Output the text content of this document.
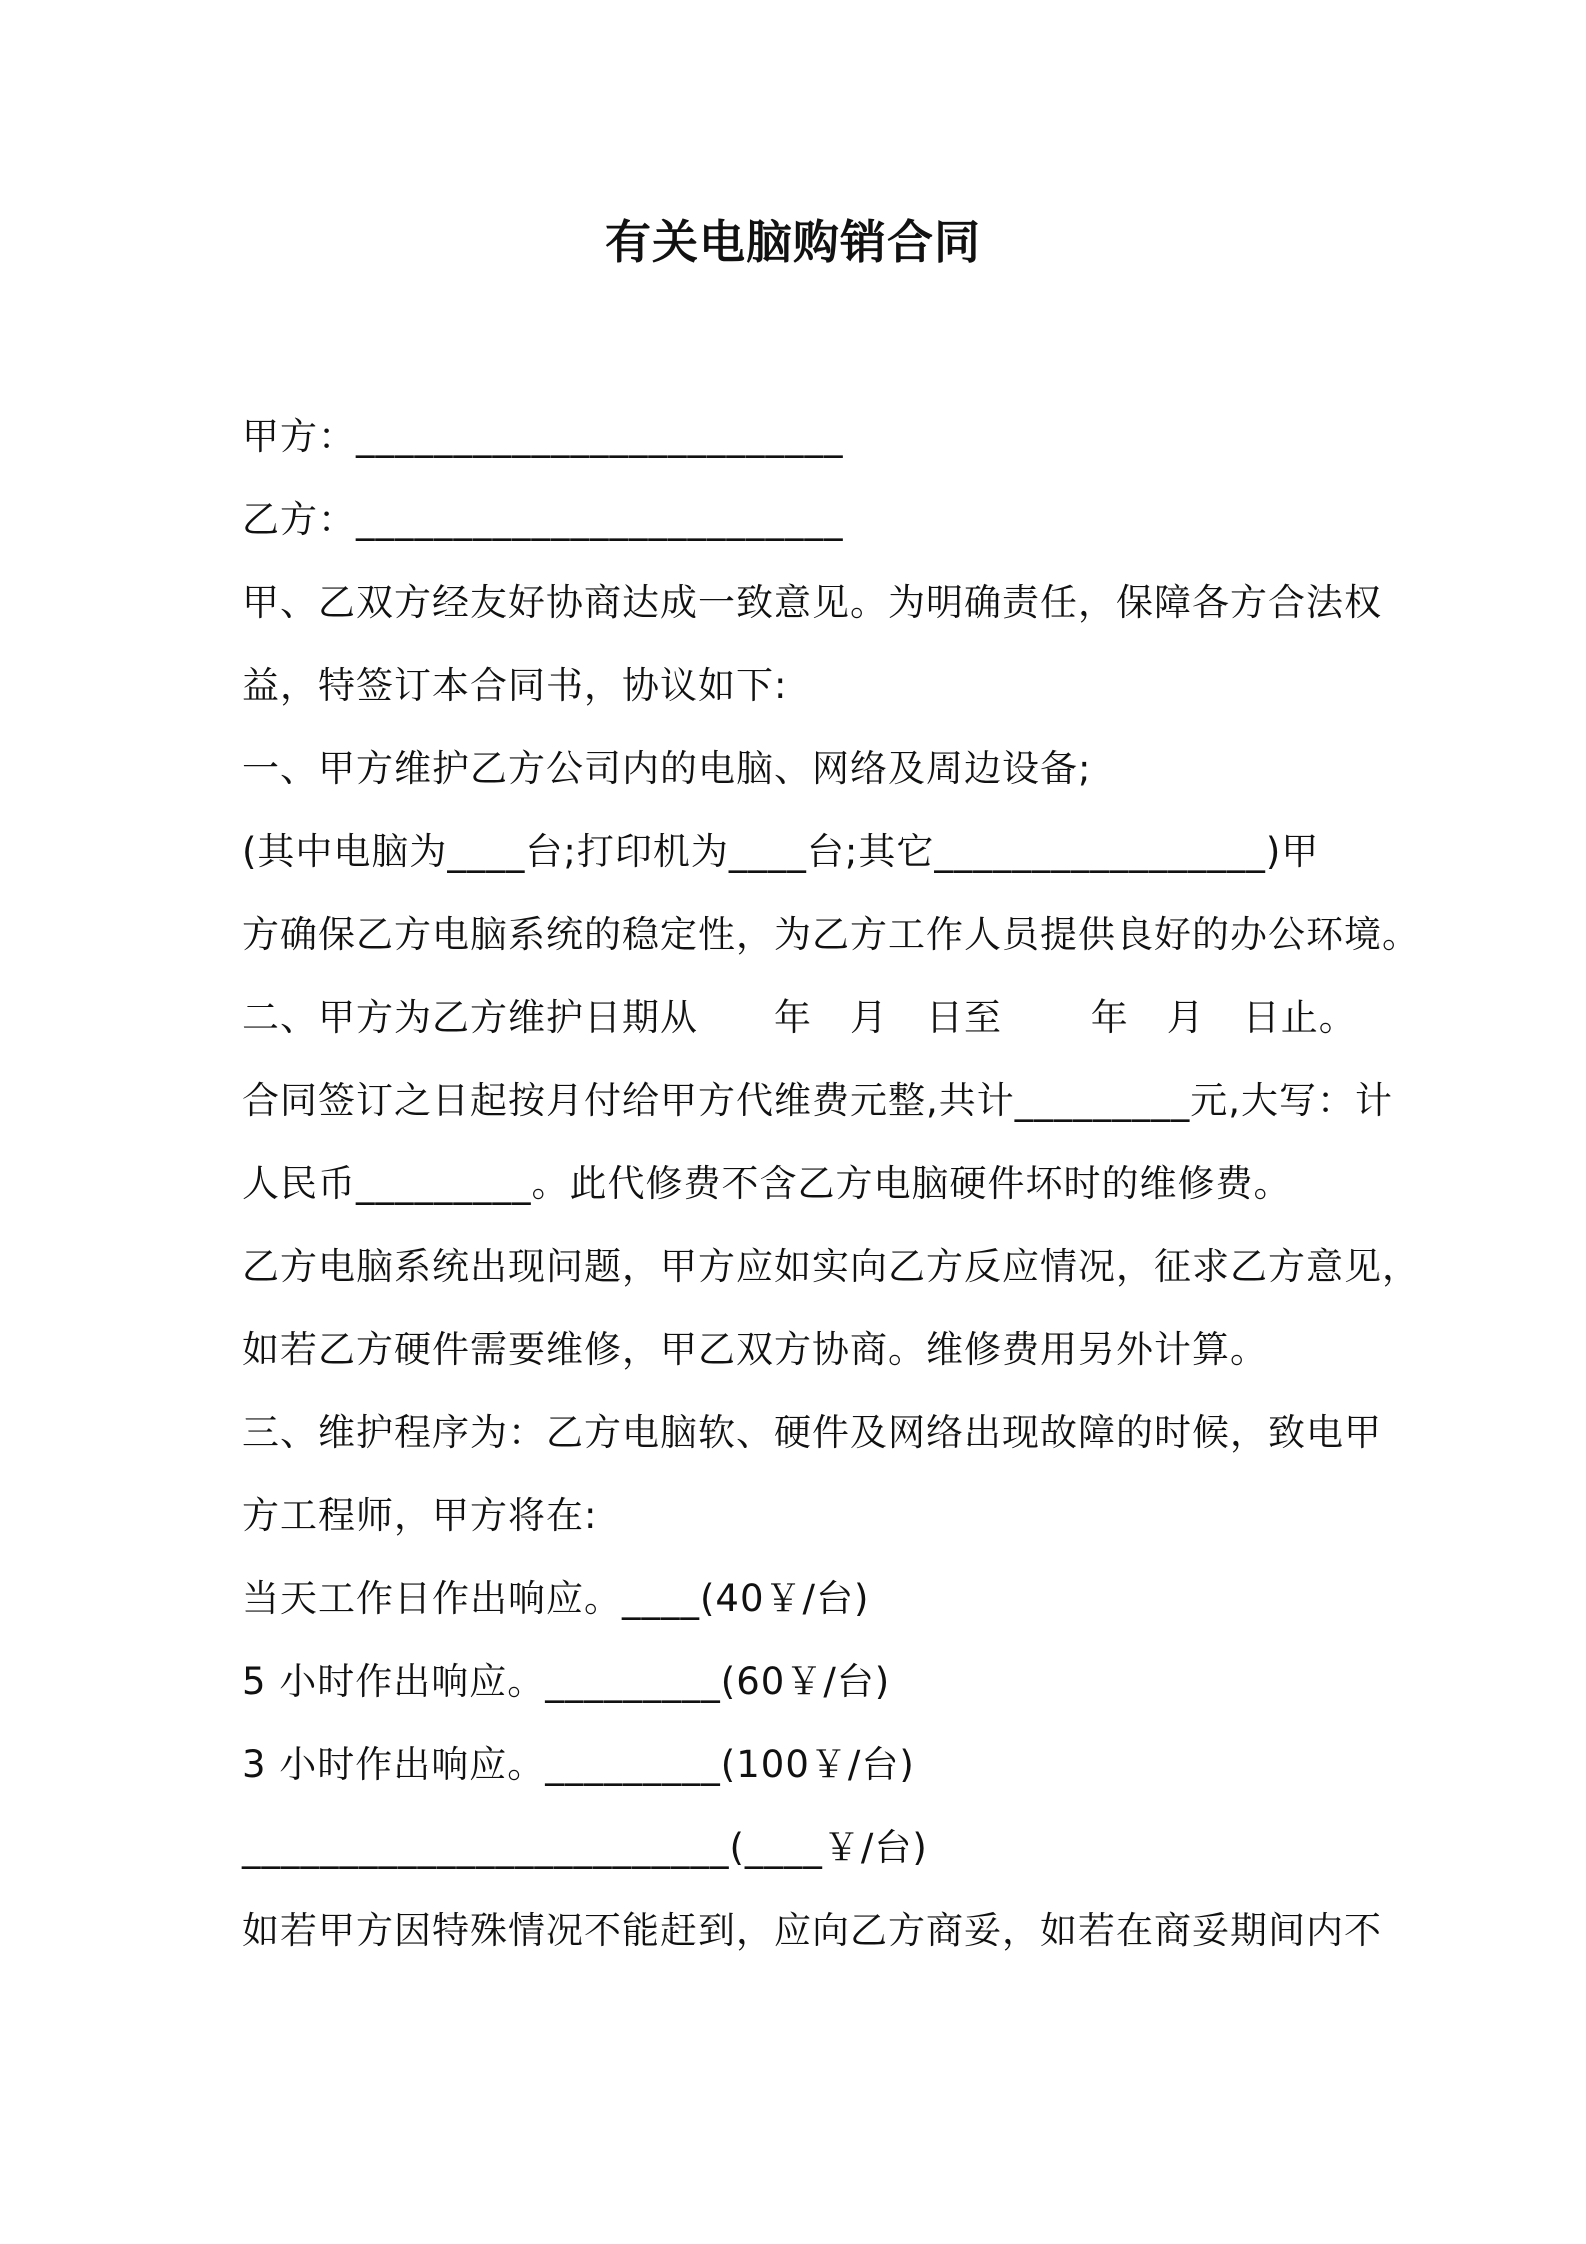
有关电脑购销合同
甲方：_________________________
乙方：_________________________
甲、乙双方经友好协商达成一致意见。为明确责任，保障各方合法权
益，特签订本合同书，协议如下:
一、甲方维护乙方公司内的电脑、网络及周边设备;
(其中电脑为____台;打印机为____台;其它_________________)甲
方确保乙方电脑系统的稳定性，为乙方工作人员提供良好的办公环境。
二、甲方为乙方维护日期从　　年　月　日至　　 年　月　日止。
合同签订之日起按月付给甲方代维费元整,共计_________元,大写：计
人民币_________。此代修费不含乙方电脑硬件坏时的维修费。
乙方电脑系统出现问题，甲方应如实向乙方反应情况，征求乙方意见，
如若乙方硬件需要维修，甲乙双方协商。维修费用另外计算。
三、维护程序为：乙方电脑软、硬件及网络出现故障的时候，致电甲
方工程师，甲方将在:
当天工作日作出响应。____(40￥/台)
5 小时作出响应。_________(60￥/台)
3 小时作出响应。_________(100￥/台)
_________________________(____￥/台)
如若甲方因特殊情况不能赶到，应向乙方商妥，如若在商妥期间内不
